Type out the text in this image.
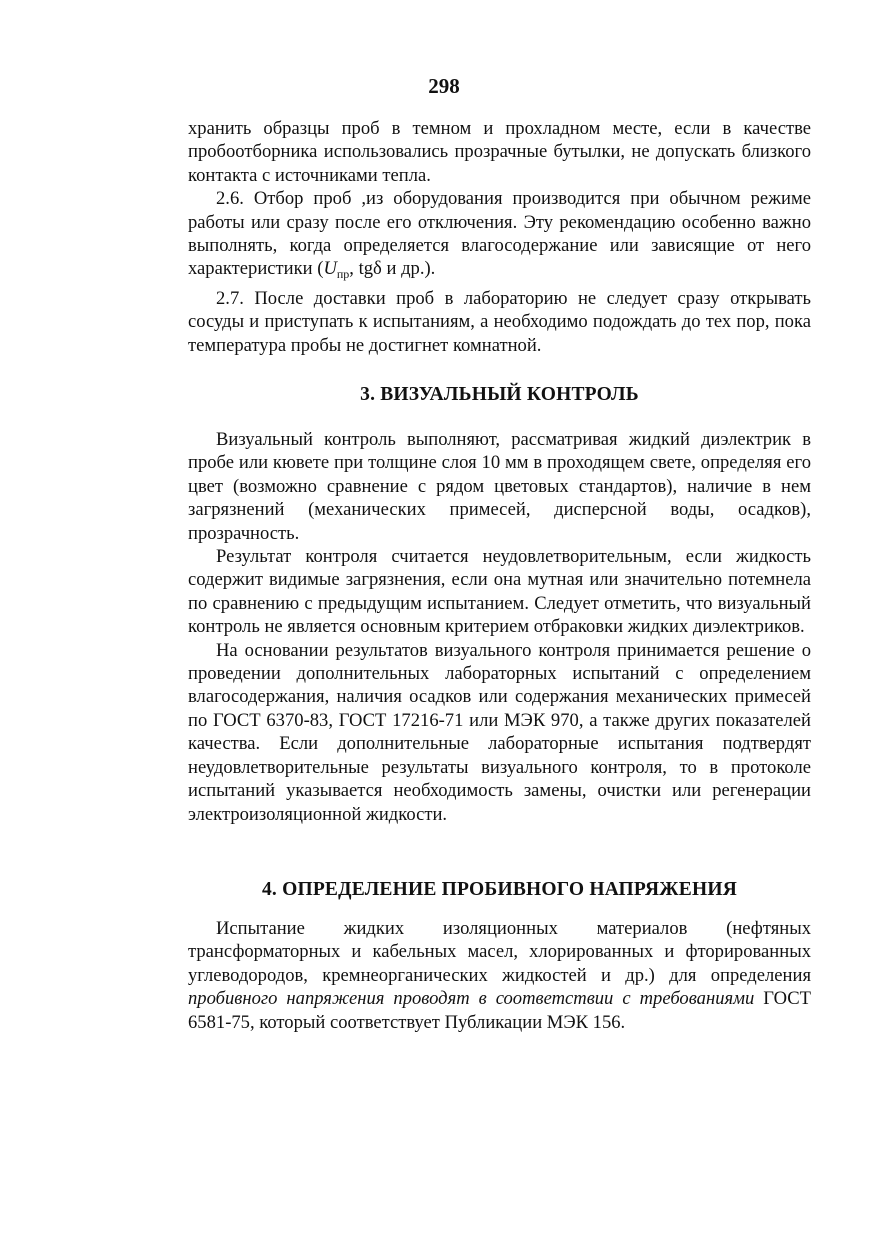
298

хранить образцы проб в темном и прохладном месте, если в качестве пробоотборника использовались прозрачные бутылки, не допускать близкого контакта с источниками тепла.

2.6. Отбор проб ,из оборудования производится при обычном режиме работы или сразу после его отключения. Эту рекомендацию особенно важно выполнять, когда определяется влагосодержание или зависящие от него характеристики ($U_{пр}$, tgδ и др.).

2.7. После доставки проб в лабораторию не следует сразу открывать сосуды и приступать к испытаниям, а необходимо подождать до тех пор, пока температура пробы не достигнет комнатной.

3. ВИЗУАЛЬНЫЙ КОНТРОЛЬ

Визуальный контроль выполняют, рассматривая жидкий диэлектрик в пробе или кювете при толщине слоя 10 мм в проходящем свете, определяя его цвет (возможно сравнение с рядом цветовых стандартов), наличие в нем загрязнений (механических примесей, дисперсной воды, осадков), прозрачность.

Результат контроля считается неудовлетворительным, если жидкость содержит видимые загрязнения, если она мутная или значительно потемнела по сравнению с предыдущим испытанием. Следует отметить, что визуальный контроль не является основным критерием отбраковки жидких диэлектриков.

На основании результатов визуального контроля принимается решение о проведении дополнительных лабораторных испытаний с определением влагосодержания, наличия осадков или содержания механических примесей по ГОСТ 6370-83, ГОСТ 17216-71 или МЭК 970, а также других показателей качества. Если дополнительные лабораторные испытания подтвердят неудовлетворительные результаты визуального контроля, то в протоколе испытаний указывается необходимость замены, очистки или регенерации электроизоляционной жидкости.

4. ОПРЕДЕЛЕНИЕ ПРОБИВНОГО НАПРЯЖЕНИЯ

Испытание жидких изоляционных материалов (нефтяных трансформаторных и кабельных масел, хлорированных и фторированных углеводородов, кремнеорганических жидкостей и др.) для определения пробивного напряжения проводят в соответствии с требованиями ГОСТ 6581-75, который соответствует Публикации МЭК 156.
